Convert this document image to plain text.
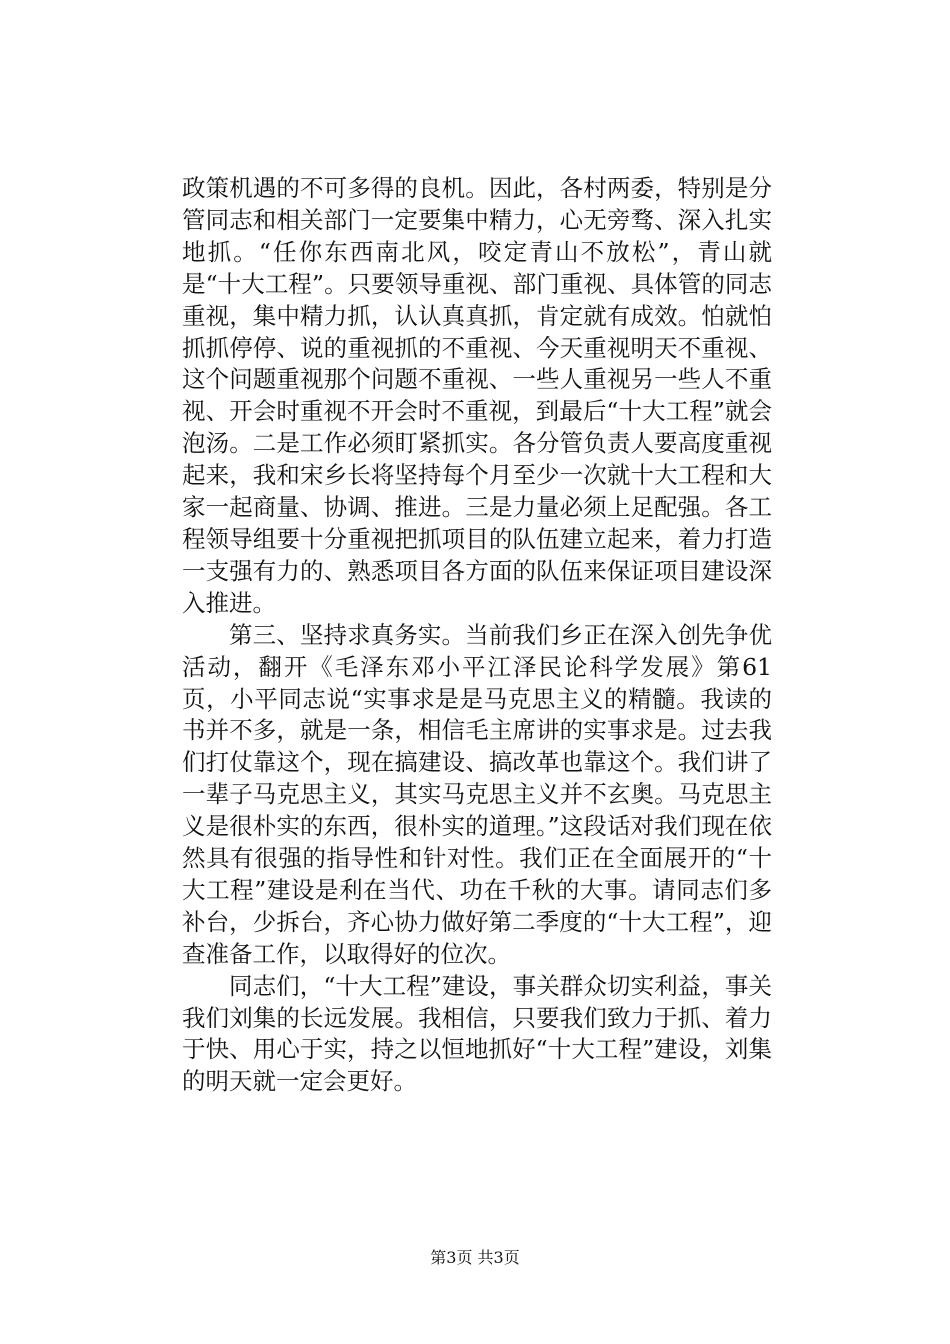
政策机遇的不可多得的良机。因此，各村两委，特别是分管同志和相关部门一定要集中精力，心无旁骛、深入扎实地抓。“任你东西南北风，咬定青山不放松”，青山就是“十大工程”。只要领导重视、部门重视、具体管的同志重视，集中精力抓，认认真真抓，肯定就有成效。怕就怕抓抓停停、说的重视抓的不重视、今天重视明天不重视、这个问题重视那个问题不重视、一些人重视另一些人不重视、开会时重视不开会时不重视，到最后“十大工程”就会泡汤。二是工作必须盯紧抓实。各分管负责人要高度重视起来，我和宋乡长将坚持每个月至少一次就十大工程和大家一起商量、协调、推进。三是力量必须上足配强。各工程领导组要十分重视把抓项目的队伍建立起来，着力打造一支强有力的、熟悉项目各方面的队伍来保证项目建设深入推进。

第三、坚持求真务实。当前我们乡正在深入创先争优活动，翻开《毛泽东邓小平江泽民论科学发展》第61页，小平同志说“实事求是是马克思主义的精髓。我读的书并不多，就是一条，相信毛主席讲的实事求是。过去我们打仗靠这个，现在搞建设、搞改革也靠这个。我们讲了一辈子马克思主义，其实马克思主义并不玄奥。马克思主义是很朴实的东西，很朴实的道理。”这段话对我们现在依然具有很强的指导性和针对性。我们正在全面展开的“十大工程”建设是利在当代、功在千秋的大事。请同志们多补台，少拆台，齐心协力做好第二季度的“十大工程”，迎查准备工作，以取得好的位次。

同志们，“十大工程”建设，事关群众切实利益，事关我们刘集的长远发展。我相信，只要我们致力于抓、着力于快、用心于实，持之以恒地抓好“十大工程”建设，刘集的明天就一定会更好。

第3页 共3页
